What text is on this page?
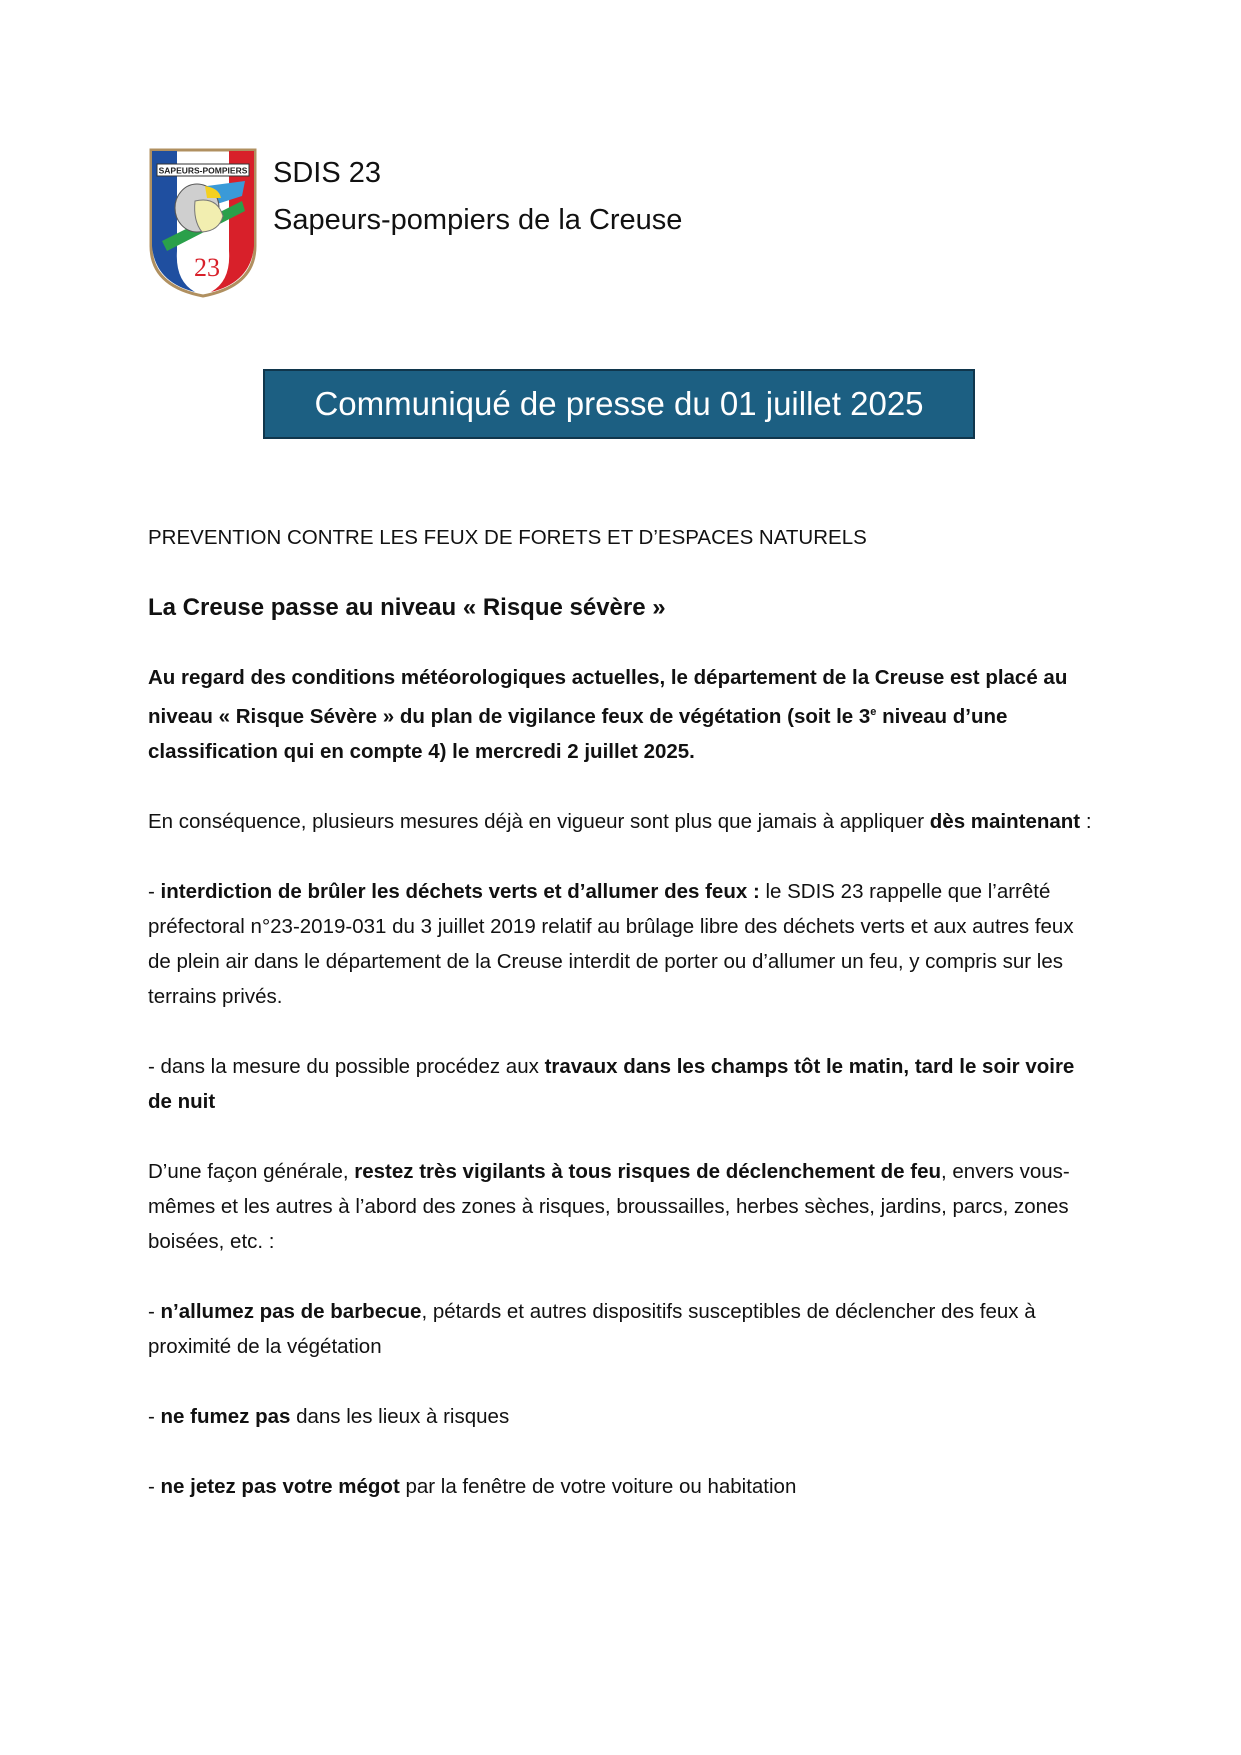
SAPEURS-POMPIERS
23
SDIS 23
Sapeurs-pompiers de la Creuse
Communiqué de presse du 01 juillet 2025

PREVENTION CONTRE LES FEUX DE FORETS ET D’ESPACES NATURELS

La Creuse passe au niveau « Risque sévère »

Au regard des conditions météorologiques actuelles, le département de la Creuse est placé au niveau « Risque Sévère » du plan de vigilance feux de végétation (soit le 3e niveau d’une classification qui en compte 4) le mercredi 2 juillet 2025.

En conséquence, plusieurs mesures déjà en vigueur sont plus que jamais à appliquer dès maintenant :

- interdiction de brûler les déchets verts et d’allumer des feux : le SDIS 23 rappelle que l’arrêté préfectoral n°23-2019-031 du 3 juillet 2019 relatif au brûlage libre des déchets verts et aux autres feux de plein air dans le département de la Creuse interdit de porter ou d’allumer un feu, y compris sur les terrains privés.

- dans la mesure du possible procédez aux travaux dans les champs tôt le matin, tard le soir voire de nuit

D’une façon générale, restez très vigilants à tous risques de déclenchement de feu, envers vous-mêmes et les autres à l’abord des zones à risques, broussailles, herbes sèches, jardins, parcs, zones boisées, etc. :

- n’allumez pas de barbecue, pétards et autres dispositifs susceptibles de déclencher des feux à proximité de la végétation

- ne fumez pas dans les lieux à risques

- ne jetez pas votre mégot par la fenêtre de votre voiture ou habitation
